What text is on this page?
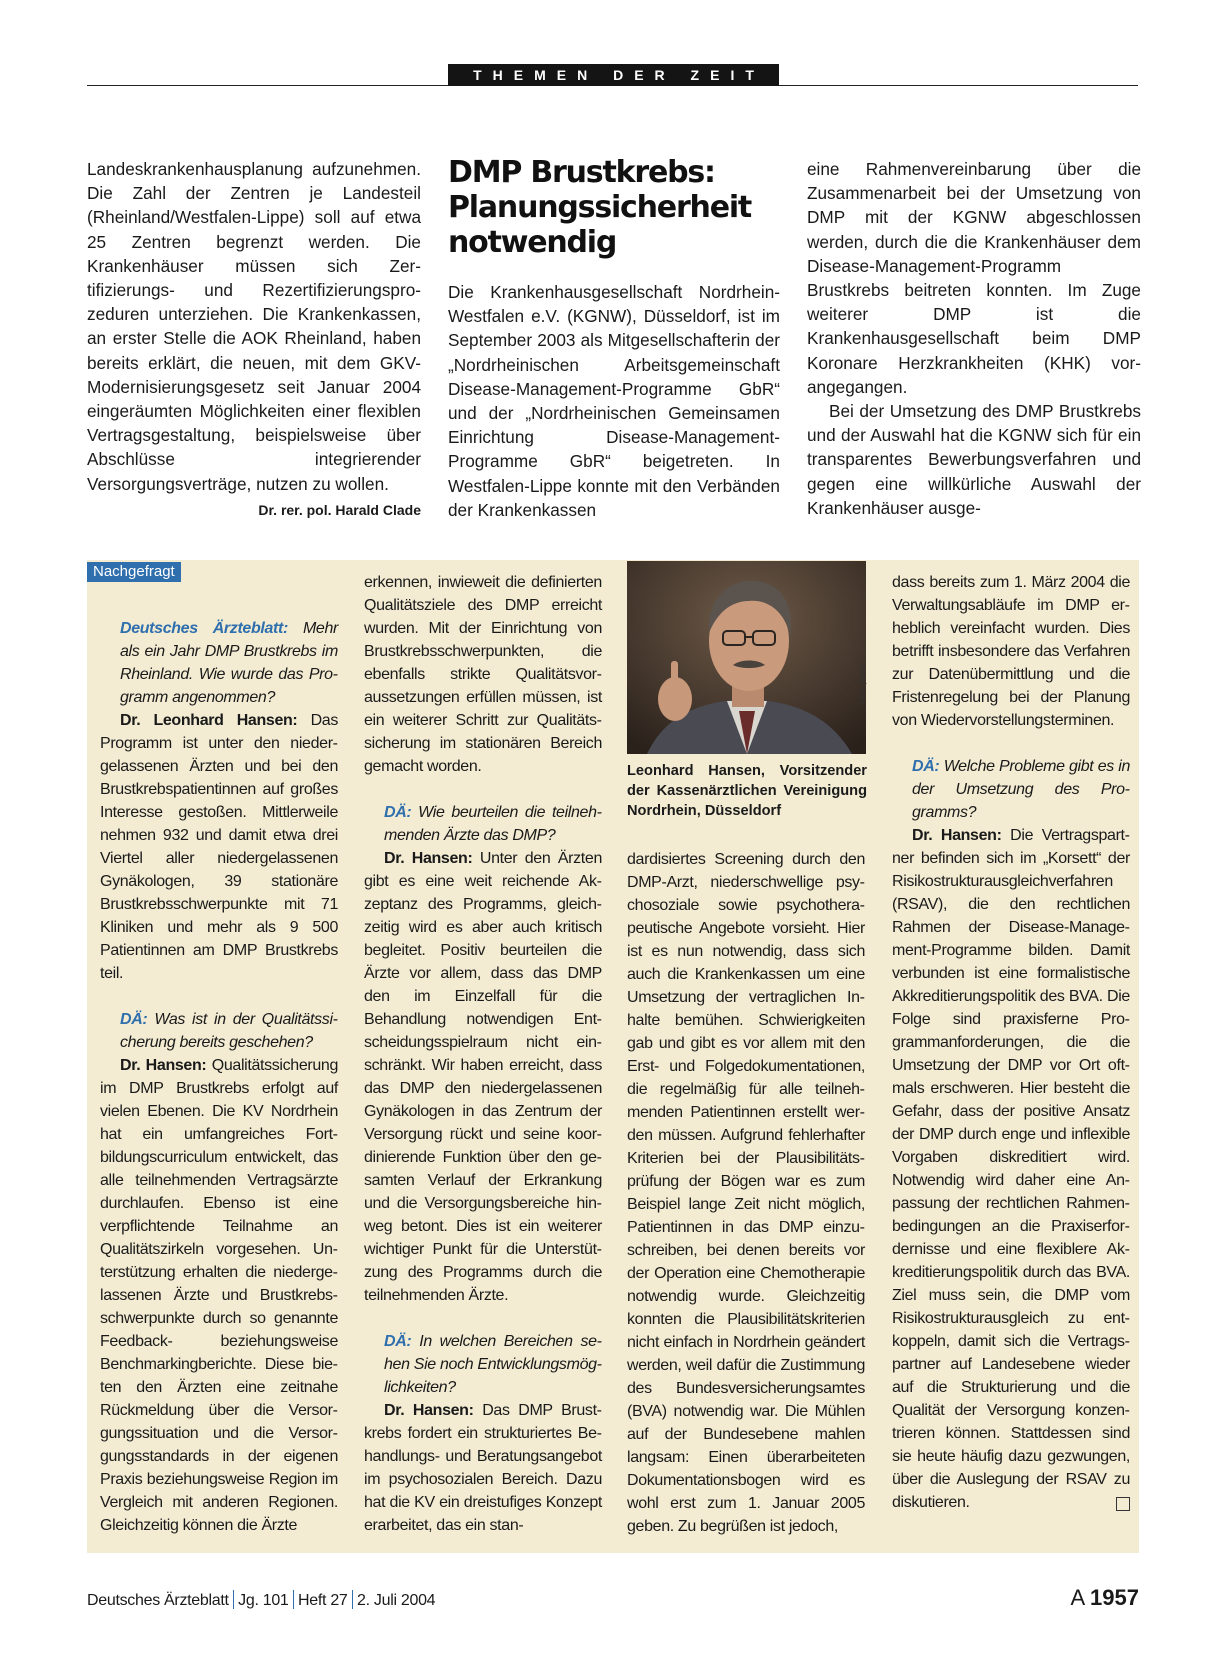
THEMEN DER ZEIT

Landeskrankenhausplanung aufzunehmen. Die Zahl der Zentren je Landesteil (Rheinland/Westfalen-Lippe) soll auf etwa 25 Zentren begrenzt werden. Die Krankenhäuser müssen sich Zertifizierungs- und Rezertifizierungsprozeduren unterziehen. Die Krankenkassen, an erster Stelle die AOK Rheinland, haben bereits erklärt, die neuen, mit dem GKV-Modernisierungsgesetz seit Januar 2004 eingeräumten Möglichkeiten einer flexiblen Vertragsgestaltung, beispielsweise über Abschlüsse integrierender Versorgungsverträge, nutzen zu wollen.
Dr. rer. pol. Harald Clade

DMP Brustkrebs: Planungssicherheit notwendig

Die Krankenhausgesellschaft Nordrhein-Westfalen e.V. (KGNW), Düsseldorf, ist im September 2003 als Mitgesellschafterin der „Nordrheinischen Arbeitsgemeinschaft Disease-Management-Programme GbR“ und der „Nordrheinischen Gemeinsamen Einrichtung Disease-Management-Programme GbR“ beigetreten. In Westfalen-Lippe konnte mit den Verbänden der Krankenkassen

eine Rahmenvereinbarung über die Zusammenarbeit bei der Umsetzung von DMP mit der KGNW abgeschlossen werden, durch die die Krankenhäuser dem Disease-Management-Programm Brustkrebs beitreten konnten. Im Zuge weiterer DMP ist die Krankenhausgesellschaft beim DMP Koronare Herzkrankheiten (KHK) vorangegangen.

Bei der Umsetzung des DMP Brustkrebs und der Auswahl hat die KGNW sich für ein transparentes Bewerbungsverfahren und gegen eine willkürliche Auswahl der Krankenhäuser ausge-

Nachgefragt

Deutsches Ärzteblatt: Mehr als ein Jahr DMP Brustkrebs im Rheinland. Wie wurde das Programm angenommen?

Dr. Leonhard Hansen: Das Programm ist unter den niedergelassenen Ärzten und bei den Brustkrebspatientinnen auf großes Interesse gestoßen. Mittlerweile nehmen 932 und damit etwa drei Viertel aller niedergelassenen Gynäkologen, 39 stationäre Brustkrebsschwerpunkte mit 71 Kliniken und mehr als 9 500 Patientinnen am DMP Brustkrebs teil.

DÄ: Was ist in der Qualitätssicherung bereits geschehen?

Dr. Hansen: Qualitätssicherung im DMP Brustkrebs erfolgt auf vielen Ebenen. Die KV Nordrhein hat ein umfangreiches Fortbildungscurriculum entwickelt, das alle teilnehmenden Vertragsärzte durchlaufen. Ebenso ist eine verpflichtende Teilnahme an Qualitätszirkeln vorgesehen. Unterstützung erhalten die niedergelassenen Ärzte und Brustkrebsschwerpunkte durch so genannte Feedback- beziehungsweise Benchmarkingberichte. Diese bieten den Ärzten eine zeitnahe Rückmeldung über die Versorgungssituation und die Versorgungsstandards in der eigenen Praxis beziehungsweise Region im Vergleich mit anderen Regionen. Gleichzeitig können die Ärzte

erkennen, inwieweit die definierten Qualitätsziele des DMP erreicht wurden. Mit der Einrichtung von Brustkrebsschwerpunkten, die ebenfalls strikte Qualitätsvoraussetzungen erfüllen müssen, ist ein weiterer Schritt zur Qualitätssicherung im stationären Bereich gemacht worden.

DÄ: Wie beurteilen die teilnehmenden Ärzte das DMP?

Dr. Hansen: Unter den Ärzten gibt es eine weit reichende Akzeptanz des Programms, gleichzeitig wird es aber auch kritisch begleitet. Positiv beurteilen die Ärzte vor allem, dass das DMP den im Einzelfall für die Behandlung notwendigen Entscheidungsspielraum nicht einschränkt. Wir haben erreicht, dass das DMP den niedergelassenen Gynäkologen in das Zentrum der Versorgung rückt und seine koordinierende Funktion über den gesamten Verlauf der Erkrankung und die Versorgungsbereiche hinweg betont. Dies ist ein weiterer wichtiger Punkt für die Unterstützung des Programms durch die teilnehmenden Ärzte.

DÄ: In welchen Bereichen sehen Sie noch Entwicklungsmöglichkeiten?

Dr. Hansen: Das DMP Brustkrebs fordert ein strukturiertes Behandlungs- und Beratungsangebot im psychosozialen Bereich. Dazu hat die KV ein dreistufiges Konzept erarbeitet, das ein stan-

Foto: privat
Leonhard Hansen, Vorsitzender der Kassenärztlichen Vereinigung Nordrhein, Düsseldorf

dardisiertes Screening durch den DMP-Arzt, niederschwellige psychosoziale sowie psychotherapeutische Angebote vorsieht. Hier ist es nun notwendig, dass sich auch die Krankenkassen um eine Umsetzung der vertraglichen Inhalte bemühen. Schwierigkeiten gab und gibt es vor allem mit den Erst- und Folgedokumentationen, die regelmäßig für alle teilnehmenden Patientinnen erstellt werden müssen. Aufgrund fehlerhafter Kriterien bei der Plausibilitätsprüfung der Bögen war es zum Beispiel lange Zeit nicht möglich, Patientinnen in das DMP einzuschreiben, bei denen bereits vor der Operation eine Chemotherapie notwendig wurde. Gleichzeitig konnten die Plausibilitätskriterien nicht einfach in Nordrhein geändert werden, weil dafür die Zustimmung des Bundesversicherungsamtes (BVA) notwendig war. Die Mühlen auf der Bundesebene mahlen langsam: Einen überarbeiteten Dokumentationsbogen wird es wohl erst zum 1. Januar 2005 geben. Zu begrüßen ist jedoch,

dass bereits zum 1. März 2004 die Verwaltungsabläufe im DMP erheblich vereinfacht wurden. Dies betrifft insbesondere das Verfahren zur Datenübermittlung und die Fristenregelung bei der Planung von Wiedervorstellungsterminen.

DÄ: Welche Probleme gibt es in der Umsetzung des Programms?

Dr. Hansen: Die Vertragspartner befinden sich im „Korsett“ der Risikostrukturausgleichverfahren (RSAV), die den rechtlichen Rahmen der Disease-Management-Programme bilden. Damit verbunden ist eine formalistische Akkreditierungspolitik des BVA. Die Folge sind praxisferne Programmanforderungen, die die Umsetzung der DMP vor Ort oftmals erschweren. Hier besteht die Gefahr, dass der positive Ansatz der DMP durch enge und inflexible Vorgaben diskreditiert wird. Notwendig wird daher eine Anpassung der rechtlichen Rahmenbedingungen an die Praxiserfordernisse und eine flexiblere Akkreditierungspolitik durch das BVA. Ziel muss sein, die DMP vom Risikostrukturausgleich zu entkoppeln, damit sich die Vertragspartner auf Landesebene wieder auf die Strukturierung und die Qualität der Versorgung konzentrieren können. Stattdessen sind sie heute häufig dazu gezwungen, über die Auslegung der RSAV zu diskutieren.

Deutsches Ärzteblatt Jg. 101 Heft 27 2. Juli 2004	A 1957
